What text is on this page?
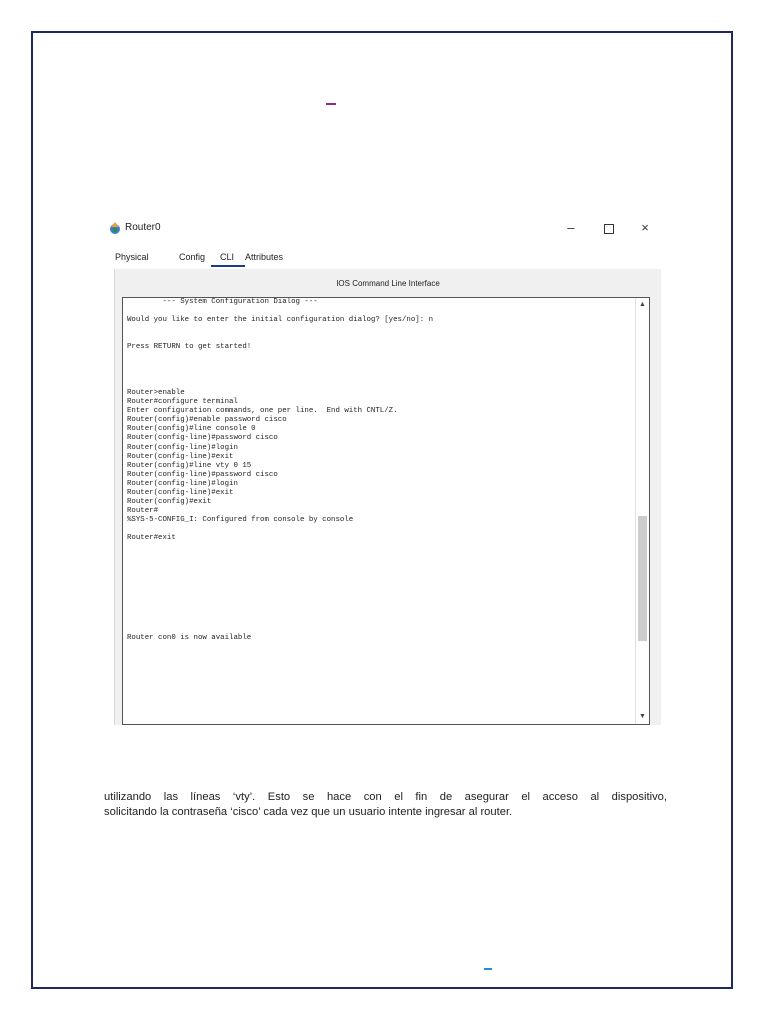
Router0	–	×
Physical	Config CLI Attributes
IOS Command Line Interface
--- System Configuration Dialog ---

Would you like to enter the initial configuration dialog? [yes/no]: n

Press RETURN to get started!

Router>enable
Router#configure terminal
Enter configuration commands, one per line.  End with CNTL/Z.
Router(config)#enable password cisco
Router(config)#line console 0
Router(config-line)#password cisco
Router(config-line)#login
Router(config-line)#exit
Router(config)#line vty 0 15
Router(config-line)#password cisco
Router(config-line)#login
Router(config-line)#exit
Router(config)#exit
Router#
%SYS-5-CONFIG_I: Configured from console by console

Router#exit

Router con0 is now available
▲
▼
utilizando las líneas ‘vty’. Esto se hace con el fin de asegurar el acceso al dispositivo,
solicitando la contraseña ‘cisco’ cada vez que un usuario intente ingresar al router.
